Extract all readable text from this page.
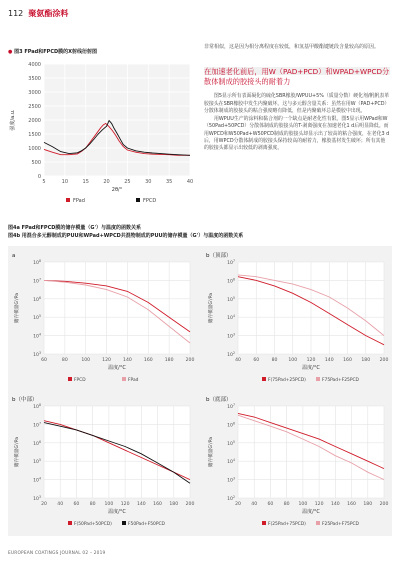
112 聚氨酯涂料
● 图3 FPad和FPCD膜的X射线衍射图
0
500
1000
1500
2000
2500
3000
3500
4000
5	10	15	20	25	30	35	40
2θ/°
强度/a.u.
FPad	FPCD
非常相似，这是因为相分离程度在较低，和氢基甲酸酯键链段含量较高的原因。
在加速老化前后，用W（PAD+PCD）和WPAD+WPCD分散体制成的胶接头的耐着力

图5显示所有表面凝化的硫化SBR橡胶/WPUU+5%（质量分数）硬化剂/帆帆表革胶接头在SBR橡胶中发生内聚破坏。这与多元醇含量关系：虽然在用W（PAD+PCD）分散体制成的胶接头的粘合强度略有降低，但是内聚破坏总是模胶中出现。

用WPUU生产的涂料和黏合剂的一个缺点是耐老化性有限。图5显示用WPad和W（50Pad+50PCD）分散体制成的胶接头的T-剥离强度在加速老化1 d后明显降低。而用WPCD和W50Pad+W50PCD制成的胶接头却显示出了较高的粘合强度，在老化3 d后，用WPCD分散体制成的胶接头保持较高的耐着力，橡胶基材发生破坏；所有其他的胶接头都显示出较低的剥离强度。

图4a FPad和FPCD膜的储存模量（G'）与温度的函数关系
图4b 用混合多元醇制成的PUU和WPad+WPCD共混物制成的PUU的储存模量（G'）与温度的函数关系
a
$10^3$
$10^4$
$10^5$
$10^6$
$10^7$
$10^8$
60	80	100	120	140	160	180	200
温度/°C
储存模量G'/Pa
FPCD	FPad
b（顶部）
$10^2$
$10^3$
$10^4$
$10^5$
$10^6$
$10^7$
40	60	80 100 120 140 160 180 200
温度/°C
储存模量G'/Pa
F(75Pad+25PCD)	F75Pad+F25PCD
b（中部）
$10^3$
$10^4$
$10^5$
$10^6$
$10^7$
$10^8$
20 40 60 80 100 120 140 160 180 200
温度/°C
储存模量G'/Pa
F(50Pad+50PCD)	F50Pad+F50PCD
b（底部）
$10^2$
$10^3$
$10^4$
$10^5$
$10^6$
$10^7$
20 40 60 80 100 120 140 160 180 200
温度/°C
储存模量G'/Pa
F(25Pad+75PCD)	F25Pad+F75PCD
EUROPEAN COATINGS JOURNAL 02 – 2019
